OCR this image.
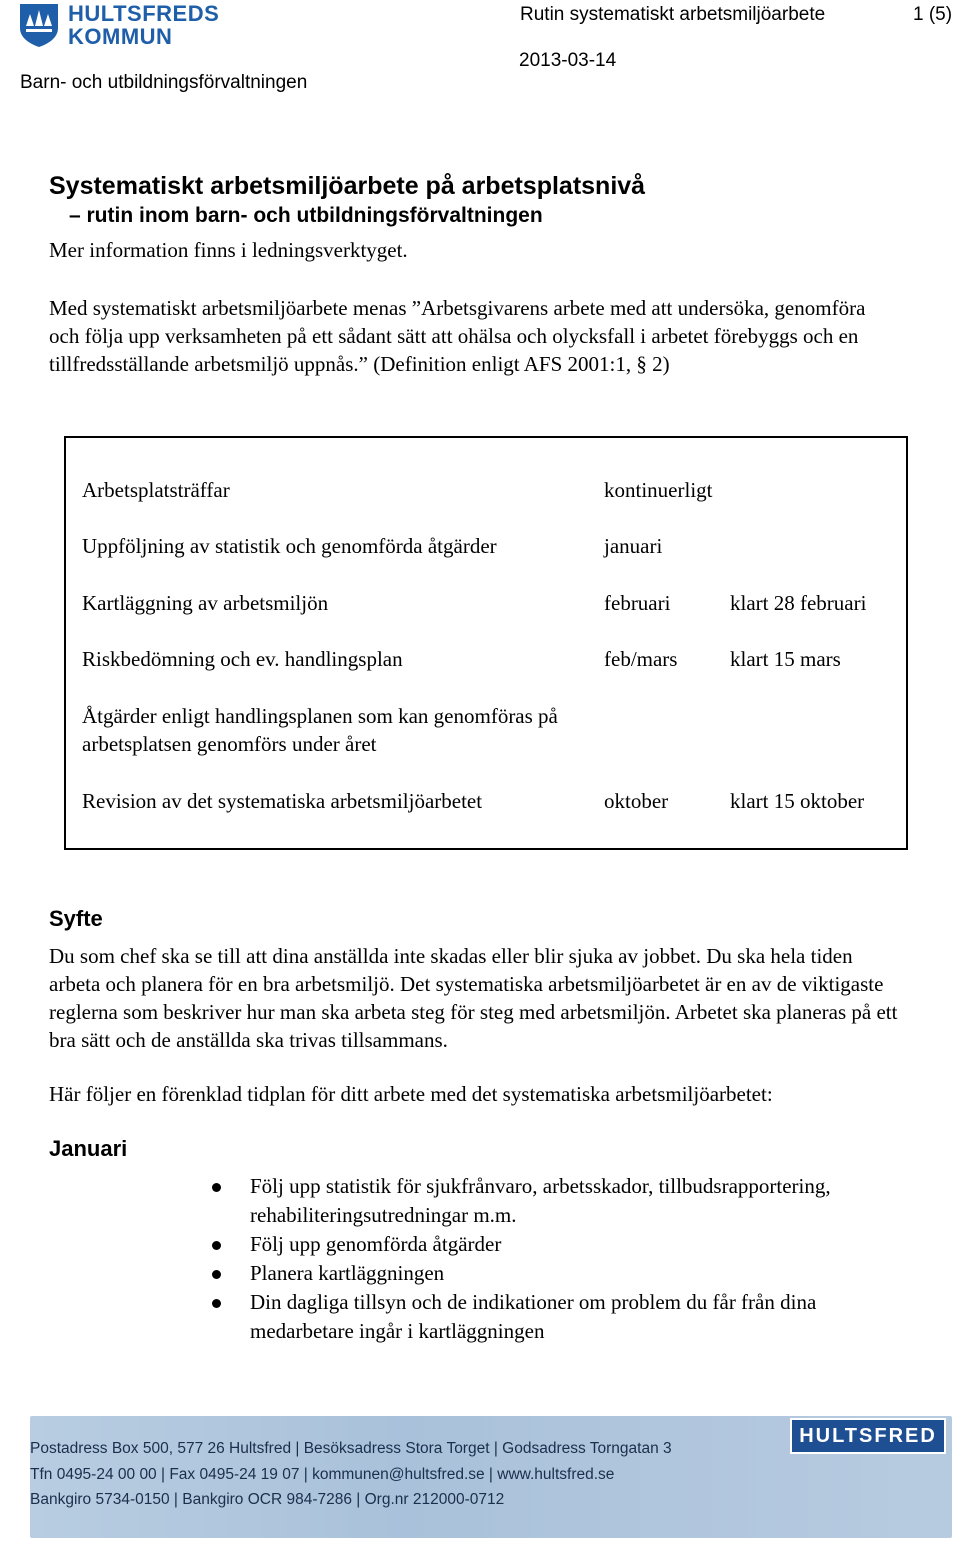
HULTSFREDS
KOMMUN
Rutin systematiskt arbetsmiljöarbete	1 (5)
2013-03-14
Barn- och utbildningsförvaltningen
Systematiskt arbetsmiljöarbete på arbetsplatsnivå
– rutin inom barn- och utbildningsförvaltningen
Mer information finns i ledningsverktyget.

Med systematiskt arbetsmiljöarbete menas ”Arbetsgivarens arbete med att undersöka, genomföra och följa upp verksamheten på ett sådant sätt att ohälsa och olycksfall i arbetet förebyggs och en tillfredsställande arbetsmiljö uppnås.” (Definition enligt AFS 2001:1, § 2)

Arbetsplatsträffar	kontinuerligt
Uppföljning av statistik och genomförda åtgärder	januari
Kartläggning av arbetsmiljön	februari	klart 28 februari
Riskbedömning och ev. handlingsplan	feb/mars	klart 15 mars
Åtgärder enligt handlingsplanen som kan genomföras på arbetsplatsen genomförs under året
Revision av det systematiska arbetsmiljöarbetet	oktober	klart 15 oktober
Syfte
Du som chef ska se till att dina anställda inte skadas eller blir sjuka av jobbet. Du ska hela tiden arbeta och planera för en bra arbetsmiljö. Det systematiska arbetsmiljöarbetet är en av de viktigaste reglerna som beskriver hur man ska arbeta steg för steg med arbetsmiljön. Arbetet ska planeras på ett bra sätt och de anställda ska trivas tillsammans.
Här följer en förenklad tidplan för ditt arbete med det systematiska arbetsmiljöarbetet:
Januari
Följ upp statistik för sjukfrånvaro, arbetsskador, tillbudsrapportering, rehabiliteringsutredningar m.m.
Följ upp genomförda åtgärder
Planera kartläggningen
Din dagliga tillsyn och de indikationer om problem du får från dina medarbetare ingår i kartläggningen
HULTSFRED
Postadress Box 500, 577 26 Hultsfred | Besöksadress Stora Torget | Godsadress Torngatan 3
Tfn 0495-24 00 00 | Fax 0495-24 19 07 | kommunen@hultsfred.se | www.hultsfred.se
Bankgiro 5734-0150 | Bankgiro OCR 984-7286 | Org.nr 212000-0712
